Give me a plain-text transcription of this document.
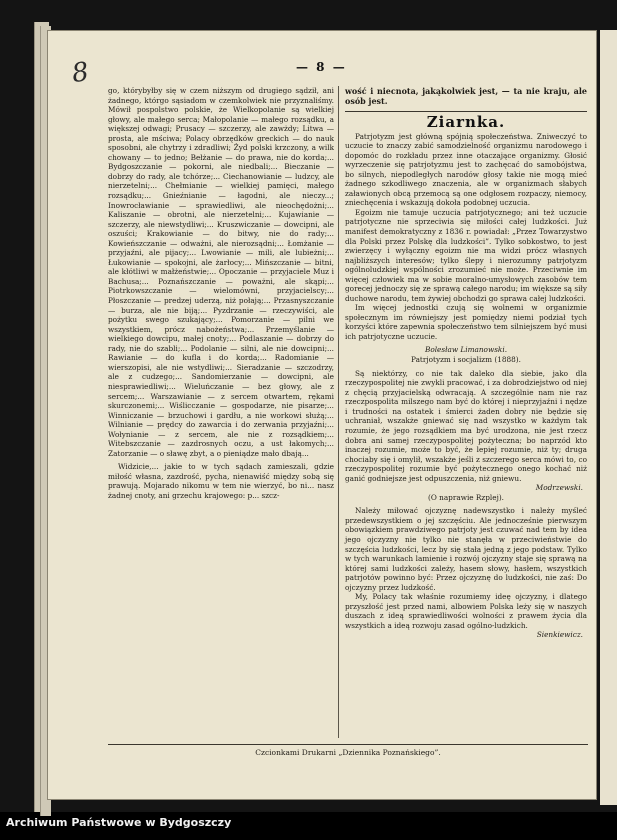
8	— 8 —

go, którybyłby się w czem niższym od drugiego sądził, ani żadnego, którgo sąsiadom w czemkolwiek nie przyznaliśmy. Mówił pospolstwo polskie, że Wielkopolanie są wielkiej głowy, ale małego serca; Małopolanie — małego rozsądku, a większej odwagi; Prusacy — szczerzy, ale zawżdy; Litwa — prosta, ale mściwa; Polacy obrzędków greckich — do nauk sposobni, ale chytrzy i zdradliwi; Żyd polski krzczony, a wilk chowany — to jedno; Bełżanie — do prawa, nie do korda;... Bydgoszczanie — pokorni, ale niedbali;... Bieczanie — dobrzy do rady, ale tchórze;... Ciechanowianie — ludzcy, ale nierzetelni;... Chełmianie — wielkiej pamięci, małego rozsądku;... Gnieźnianie — łagodni, ale nieczy...; Inowrocławianie — sprawiedliwi, ale nieochędożni;... Kaliszanie — obrotni, ale nierzetelni;... Kujawianie — szczerzy, ale niewstydliwi;... Kruszwiczanie — dowcipni, ale oszuści; Krakowianie — do bitwy, nie do rady;... Kowieńszczanie — odważni, ale nierozsądni;... Łomżanie — przyjaźni, ale pijacy;... Lwowianie — mili, ale lubieżni;... Łukowianie — spokojni, ale żarłocy;... Mińszczanie — bitni, ale kłótliwi w małżeństwie;... Opoczanie — przyjaciele Muz i Bachusa;... Poznańszczanie — poważni, ale skąpi;... Piotrkowszczanie — wielomówni, przyjacielscy;... Płoszczanie — predzej uderzą, niż połają;... Przasnyszczanie — burza, ale nie biją;... Pyzdrzanie — rzeczywiści, ale pożytku swego szukający;... Pomorzanie — pilni we wszystkiem, prócz nabożeństwa;... Przemyślanie — wielkiego dowcipu, małej cnoty;... Podlaszanie — dobrzy do rady, nie do szabli;... Podolanie — silni, ale nie dowcipni;... Rawianie — do kufla i do korda;... Radomianie — wierszopisi, ale nie wstydliwi;... Sieradzanie — szczodrzy, ale z cudzego;... Sandomierzanie — dowcipni, ale niesprawiedliwi;... Wieluńczanie — bez głowy, ale z sercem;... Warszawianie — z sercem otwartem, rękami skurczonemi;... Wiślicczanie — gospodarze, nie pisarze;... Winniczanie — brzuchowi i gardłu, a nie workowi służą;... Wilnianie — prędcy do zawarcia i do zerwania przyjaźni;... Wołynianie — z sercem, ale nie z rozsądkiem;... Witebszczanie — zazdrosnych oczu, a ust łakomych;... Zatorzanie — o sławę zbyt, a o pieniądze mało dbają...

Widzicie,... jakie to w tych sądach zamieszali, gdzie miłość własna, zazdrość, pycha, nienawiść między sobą się prawują. Mojarado nikomu w tem nie wierzyć, bo ni... nasz żadnej cnoty, ani grzechu krajowego: p... szcz-

wość i niecnota, jakąkolwiek jest, — ta nie kraju, ale osób jest.

Ziarnka.

Patrjotyzm jest główną spójnią społeczeństwa. Zniweczyć to uczucie to znaczy zabić samodzielność organizmu narodowego i dopomóc do rozkładu przez inne otaczające organizmy. Głosić wyrzeczenie się patrjotyzmu jest to zachęcać do samobójstwa, bo silnych, niepodległych narodów głosy takie nie mogą mieć żadnego szkodliwego znaczenia, ale w organizmach słabych załawionych obcą przemocą są one odgłosem rozpaczy, niemocy, zniechęcenia i wskazują dokoła podobnej uczucia.

Egoizm nie tamuje uczucia patrjotycznego; ani też uczucie patrjotyczne nie sprzeciwia się miłości całej ludzkości. Już manifest demokratyczny z 1836 r. powiadał: „Przez Towarzystwo dla Polski przez Polskę dla ludzkości”. Tylko sobkostwo, to jest zwierzęcy i wyłączny egoizm nie ma widzi prócz własnych najbliższych interesów; tylko ślepy i nierozumny patrjotyzm ogólnoludzkiej wspólności zrozumieć nie może. Przeciwnie im więcej człowiek ma w sobie moralno-umysłowych zasobów tem gorecej jednoczy się ze sprawą całego narodu; im większe są siły duchowe narodu, tem żywiej obchodzi go sprawa całej ludzkości.

Im więcej jednostki czują się wolnemi w organizmie społecznym im równiejszy jest pomiędzy niemi podział tych korzyści które zapewnia społeczeństwo tem silniejszem być musi ich patrjotyczne uczucie.

Bolesław Limanowski.
Patrjotyzm i socjalizm (1888).

Są niektórzy, co nie tak daleko dla siebie, jako dla rzeczypospolitej nie zwykli pracować, i za dobrodziejstwo od niej z chęcią przyjacielską odwracają. A szczególnie nam nie raz rzeczpospolita milszego nam być do której i nieprzyjaźni i nędze i trudności na ostatek i śmierci żaden dobry nie będzie się uchraniał, wszakże gniewać się nad wszystko w każdym tak rozumie, że jego rozsądkiem ma być urodzona, nie jest rzecz dobra ani samej rzeczypospolitej pożyteczna; bo naprzód kto inaczej rozumie, może to być, że lepiej rozumie, niż ty; druga chociaby się i omylił, wszakże jeśli z szczerego serca mówi to, co rzeczypospolitej rozumie być pożytecznego onego kochać niż ganić godniejsze jest odpuszczenia, niż gniewu.

Modrzewski.
(O naprawie Rzplej).

Należy miłować ojczyznę nadewszystko i należy myśleć przedewszystkiem o jej szczęściu. Ale jednocześnie pierwszym obowiązkiem prawdziwego patrjoty jest czuwać nad tem by idea jego ojczyzny nie tylko nie stanęła w przeciwieństwie do szczęścia ludzkości, lecz by się stała jedną z jego podstaw. Tylko w tych warunkach lamienie i rozwój ojczyzny staje się sprawą na której sami ludzkości zależy, hasem słowy, hasłem, wszystkich patrjotów powinno być: Przez ojczyznę do ludzkości, nie zaś: Do ojczyzny przez ludzkość.

My, Polacy tak właśnie rozumiemy ideę ojczyzny, i dlatego przyszłość jest przed nami, albowiem Polska leży się w naszych duszach z ideą sprawiedliwości wolności z prawem życia dla wszystkich a ideą rozwoju zasad ogólno-ludzkich.

Sienkiewicz.
Czcionkami Drukarni „Dziennika Poznańskiego”.
Archiwum Państwowe w Bydgoszczy
